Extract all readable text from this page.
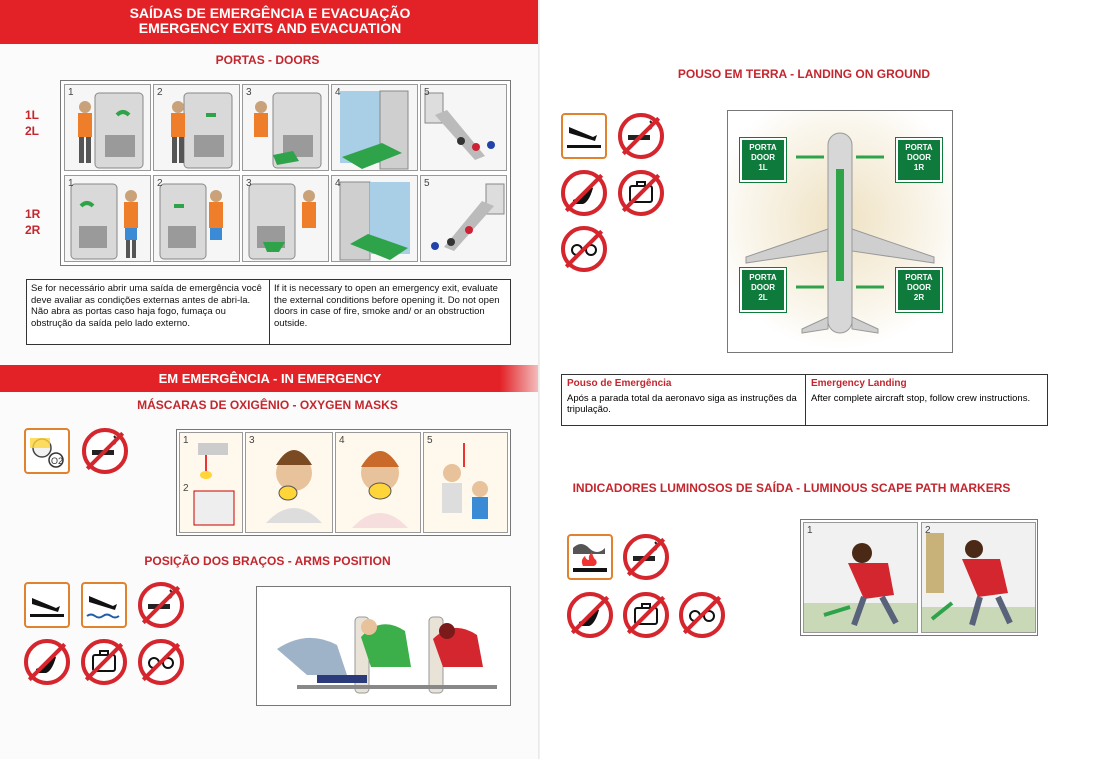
SAÍDAS DE EMERGÊNCIA E EVACUAÇÃO
EMERGENCY EXITS AND EVACUATION
PORTAS - DOORS
1L
2L
1R
2R
1	2	3	4	5
1	2	3	4	5
Se for necessário abrir uma saída de emergência você deve avaliar as condições externas antes de abri-la. Não abra as portas caso haja fogo, fumaça ou obstrução da saída pelo lado externo.
If it is necessary to open an emergency exit, evaluate the external conditions before opening it. Do not open doors in case of fire, smoke and/ or an obstruction outside.
EM EMERGÊNCIA - IN EMERGENCY
MÁSCARAS DE OXIGÊNIO - OXYGEN MASKS
O2
1
2
3	4	5
POSIÇÃO DOS BRAÇOS - ARMS POSITION
POUSO EM TERRA - LANDING ON GROUND
PORTA
DOOR
1L
PORTA
DOOR
1R
PORTA
DOOR
2L
PORTA
DOOR
2R
Pouso de Emergência
Após a parada total da aeronavo siga as instruções da tripulação.
Emergency Landing
After complete aircraft stop, follow crew instructions.
INDICADORES LUMINOSOS DE SAÍDA - LUMINOUS SCAPE PATH MARKERS
1	2
